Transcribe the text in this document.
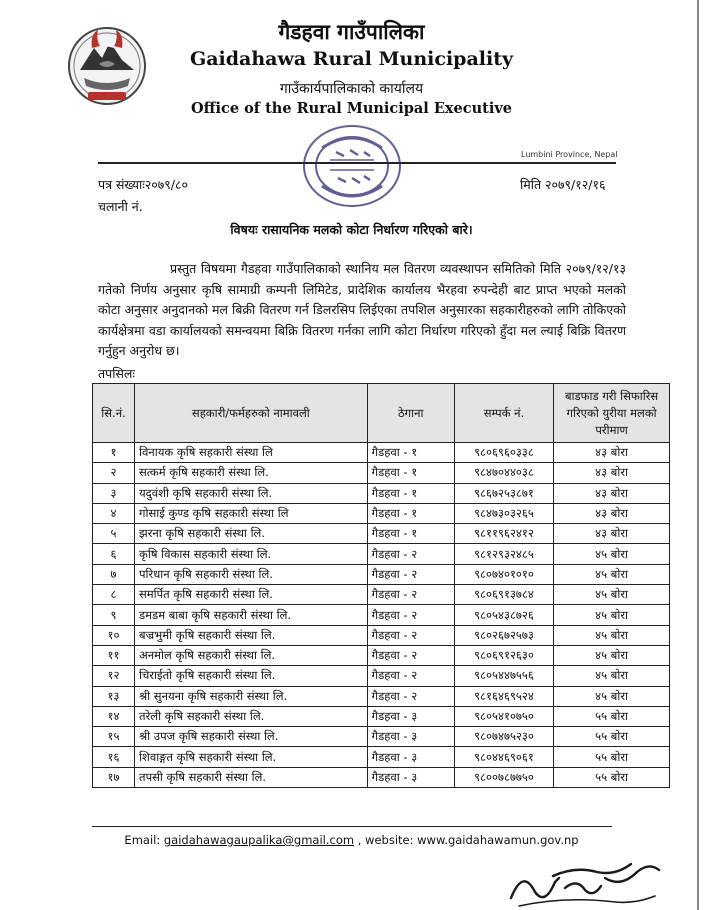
गैडहवा गाउँपालिका
Gaidahawa Rural Municipality
गाउँकार्यपालिकाको कार्यालय
Office of the Rural Municipal Executive
Lumbini Province, Nepal
पत्र संख्याः२०७९/८०
चलानी नं.
मिति २०७९/१२/१६
विषयः रासायनिक मलको कोटा निर्धारण गरिएको बारे।
प्रस्तुत विषयमा गैडहवा गाउँपालिकाको स्थानिय मल वितरण व्यवस्थापन समितिको मिति २०७९/१२/१३ गतेको निर्णय अनुसार कृषि सामाग्री कम्पनी लिमिटेड, प्रादेशिक कार्यालय भैरहवा रुपन्देही बाट प्राप्त भएको मलको कोटा अनुसार अनुदानको मल बिक्री वितरण गर्न डिलरसिप लिईएका तपशिल अनुसारका सहकारीहरुको लागि तोकिएको कार्यक्षेत्रमा वडा कार्यालयको समन्वयमा बिक्रि वितरण गर्नका लागि कोटा निर्धारण गरिएको हुँदा मल ल्याई बिक्रि वितरण गर्नुहुन अनुरोध छ।
तपसिलः
सि.नं.	सहकारी/फर्महरुको नामावली	ठेगाना	सम्पर्क नं.	बाडफाड गरी सिफारिस गरिएको युरीया मलको परीमाण
१	विनायक कृषि सहकारी संस्था लि	गैडहवा - १	९८०६९६०३३८	४३ बोरा
२	सत्कर्म कृषि सहकारी संस्था लि.	गैडहवा - १	९८४७०४४०३८	४३ बोरा
३	यदुवंशी कृषि सहकारी संस्था लि.	गैडहवा - १	९८६७२५३८७१	४३ बोरा
४	गोसाई कुण्ड कृषि सहकारी संस्था लि	गैडहवा - १	९८४७३०३२६५	४३ बोरा
५	झरना कृषि सहकारी संस्था लि.	गैडहवा - १	९८११९६२४१२	४३ बोरा
६	कृषि विकास सहकारी संस्था लि.	गैडहवा - २	९८१२९३२४८५	४५ बोरा
७	परिधान कृषि सहकारी संस्था लि.	गैडहवा - २	९८०७४०१०१०	४५ बोरा
८	समर्पित कृषि सहकारी संस्था लि.	गैडहवा - २	९८०६९१३७८४	४५ बोरा
९	डमडम बाबा कृषि सहकारी संस्था लि.	गैडहवा - २	९८०५४३८७२६	४५ बोरा
१०	बज्रभुमी कृषि सहकारी संस्था लि.	गैडहवा - २	९८०२६७२५७३	४५ बोरा
११	अनमोल कृषि सहकारी संस्था लि.	गैडहवा - २	९८०६९१२६३०	४५ बोरा
१२	चिराईतो कृषि सहकारी संस्था लि.	गैडहवा - २	९८०५४४७५५६	४५ बोरा
१३	श्री सुनयना कृषि सहकारी संस्था लि.	गैडहवा - २	९८१६४६९५२४	४५ बोरा
१४	तरेली कृषि सहकारी संस्था लि.	गैडहवा - ३	९८०५४१०७५०	५५ बोरा
१५	श्री उपज कृषि सहकारी संस्था लि.	गैडहवा - ३	९८०७४७५२३०	५५ बोरा
१६	शिवाङ्गत कृषि सहकारी संस्था लि.	गैडहवा - ३	९८०४४६९०६१	५५ बोरा
१७	तपसी कृषि सहकारी संस्था लि.	गैडहवा - ३	९८००७८७७५०	५५ बोरा
Email: gaidahawagaupalika@gmail.com , website: www.gaidahawamun.gov.np
